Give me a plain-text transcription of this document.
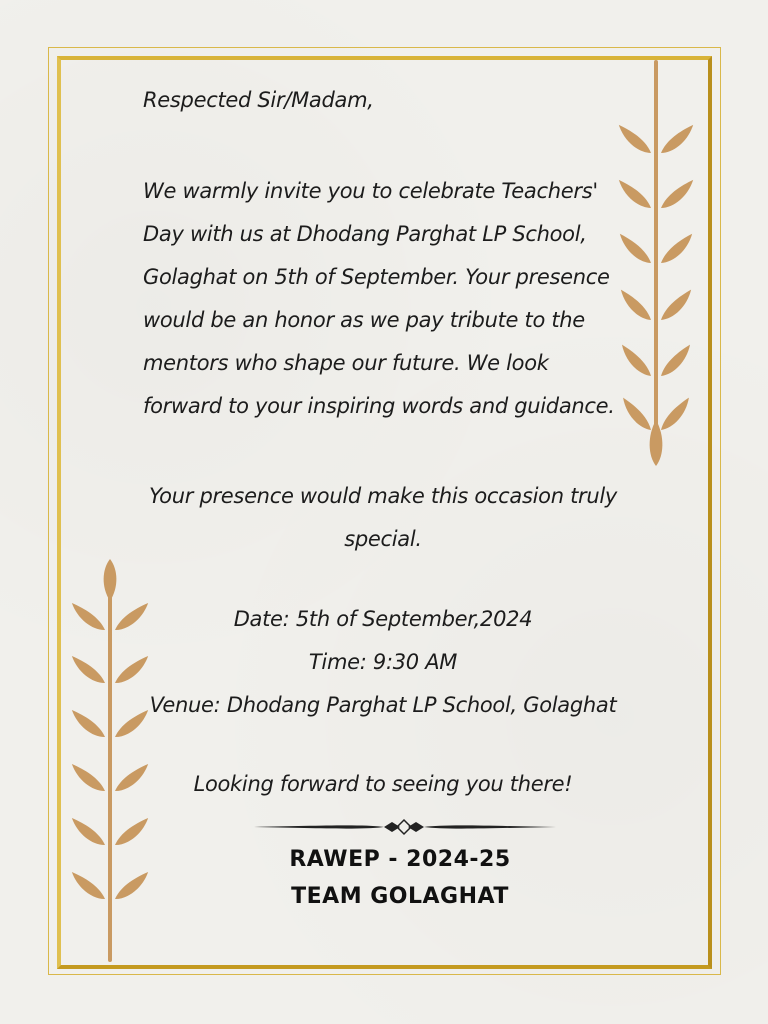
Respected Sir/Madam,
We warmly invite you to celebrate Teachers'
Day with us at Dhodang Parghat LP School,
Golaghat on 5th of September. Your presence
would be an honor as we pay tribute to the
mentors who shape our future. We look
forward to your inspiring words and guidance.
Your presence would make this occasion truly
special.
Date: 5th of September,2024
Time: 9:30 AM
Venue: Dhodang Parghat LP School, Golaghat
Looking forward to seeing you there!
RAWEP - 2024-25
TEAM GOLAGHAT
